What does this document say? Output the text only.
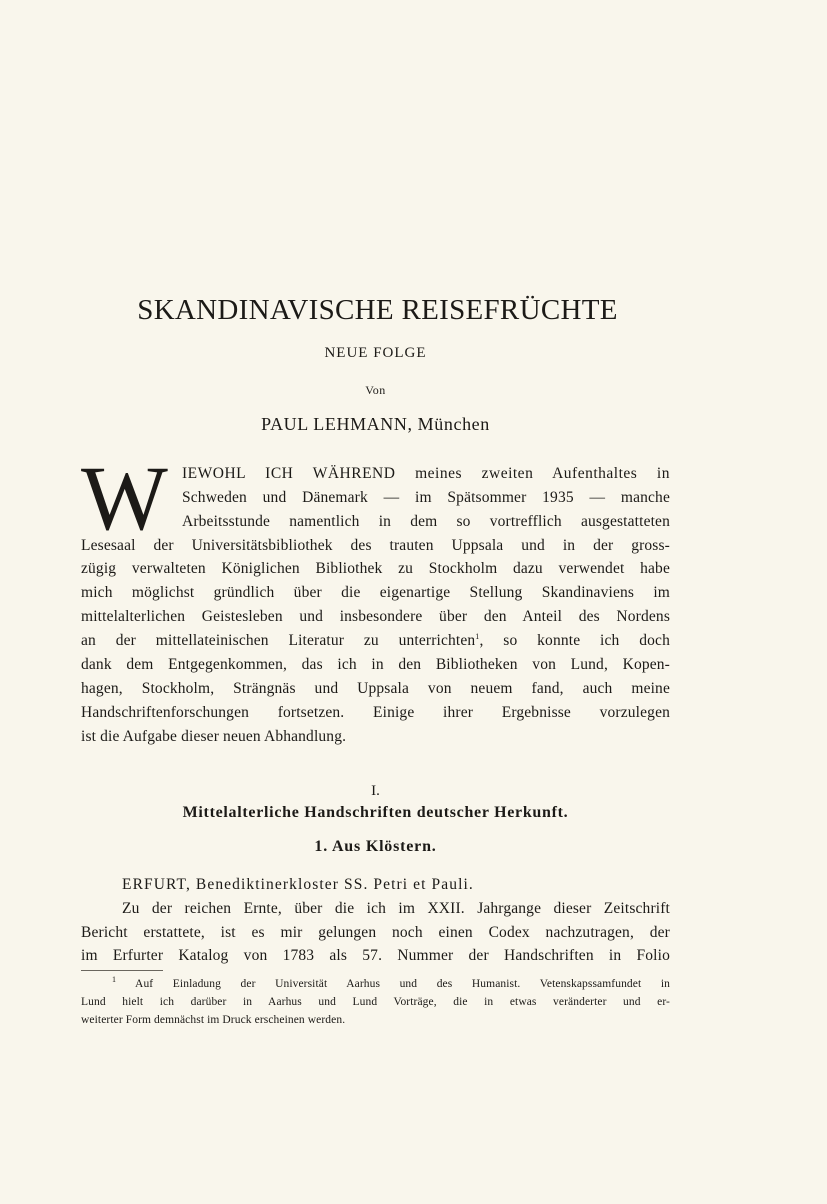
SKANDINAVISCHE REISEFRÜCHTE
NEUE FOLGE
Von
PAUL LEHMANN, München
W IEWOHL ICH WÄHREND meines zweiten Aufenthaltes in
Schweden und Dänemark — im Spätsommer 1935 — manche
Arbeitsstunde namentlich in dem so vortrefflich ausgestatteten
Lesesaal der Universitätsbibliothek des trauten Uppsala und in der gross-
zügig verwalteten Königlichen Bibliothek zu Stockholm dazu verwendet habe
mich möglichst gründlich über die eigenartige Stellung Skandinaviens im
mittelalterlichen Geistesleben und insbesondere über den Anteil des Nordens
an der mittellateinischen Literatur zu unterrichten$^1$, so konnte ich doch
dank dem Entgegenkommen, das ich in den Bibliotheken von Lund, Kopen-
hagen, Stockholm, Strängnäs und Uppsala von neuem fand, auch meine
Handschriftenforschungen fortsetzen. Einige ihrer Ergebnisse vorzulegen
ist die Aufgabe dieser neuen Abhandlung.
I.
Mittelalterliche Handschriften deutscher Herkunft.
1. Aus Klöstern.
ERFURT, Benediktinerkloster SS. Petri et Pauli.
Zu der reichen Ernte, über die ich im XXII. Jahrgange dieser Zeitschrift
Bericht erstattete, ist es mir gelungen noch einen Codex nachzutragen, der
im Erfurter Katalog von 1783 als 57. Nummer der Handschriften in Folio
$^1$ Auf Einladung der Universität Aarhus und des Humanist. Vetenskapssamfundet in
Lund hielt ich darüber in Aarhus und Lund Vorträge, die in etwas veränderter und er-
weiterter Form demnächst im Druck erscheinen werden.
